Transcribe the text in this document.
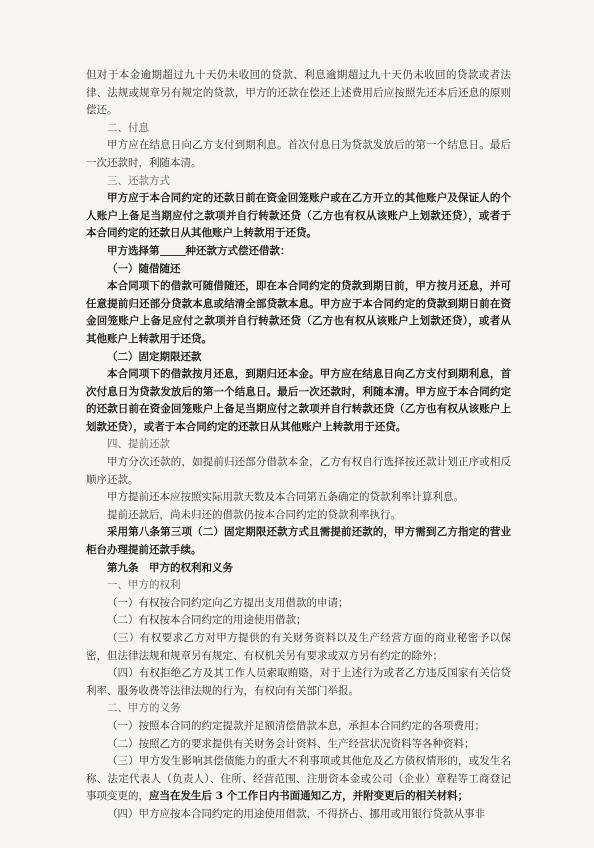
但对于本金逾期超过九十天仍未收回的贷款、利息逾期超过九十天仍未收回的贷款或者法律、法规或规章另有规定的贷款，甲方的还款在偿还上述费用后应按照先还本后还息的原则偿还。

二、付息

甲方应在结息日向乙方支付到期利息。首次付息日为贷款发放后的第一个结息日。最后一次还款时，利随本清。

三、还款方式

甲方应于本合同约定的还款日前在资金回笼账户或在乙方开立的其他账户及保证人的个人账户上备足当期应付之款项并自行转款还贷（乙方也有权从该账户上划款还贷），或者于本合同约定的还款日从其他账户上转款用于还贷。

甲方选择第 种还款方式偿还借款：

（一）随借随还

本合同项下的借款可随借随还，即在本合同约定的贷款到期日前，甲方按月还息，并可任意提前归还部分贷款本息或结清全部贷款本息。甲方应于本合同约定的贷款到期日前在资金回笼账户上备足应付之款项并自行转款还贷（乙方也有权从该账户上划款还贷），或者从其他账户上转款用于还贷。

（二）固定期限还款

本合同项下的借款按月还息，到期归还本金。甲方应在结息日向乙方支付到期利息，首次付息日为贷款发放后的第一个结息日。最后一次还款时，利随本清。甲方应于本合同约定的还款日前在资金回笼账户上备足当期应付之款项并自行转款还贷（乙方也有权从该账户上划款还贷），或者于本合同约定的还款日从其他账户上转款用于还贷。

四、提前还款

甲方分次还款的，如提前归还部分借款本金，乙方有权自行选择按还款计划正序或相反顺序还款。

甲方提前还本应按照实际用款天数及本合同第五条确定的贷款利率计算利息。

提前还款后，尚未归还的借款仍按本合同约定的贷款利率执行。

采用第八条第三项（二）固定期限还款方式且需提前还款的，甲方需到乙方指定的营业柜台办理提前还款手续。

第九条　甲方的权利和义务

一、甲方的权利

（一）有权按合同约定向乙方提出支用借款的申请；

（二）有权按本合同约定的用途使用借款；

（三）有权要求乙方对甲方提供的有关财务资料以及生产经营方面的商业秘密予以保密，但法律法规和规章另有规定、有权机关另有要求或双方另有约定的除外；

（四）有权拒绝乙方及其工作人员索取贿赂，对于上述行为或者乙方违反国家有关信贷利率、服务收费等法律法规的行为，有权向有关部门举报。

二、甲方的义务

（一）按照本合同的约定提款并足额清偿借款本息，承担本合同约定的各项费用；

（二）按照乙方的要求提供有关财务会计资料、生产经营状况资料等各种资料；

（三）甲方发生影响其偿债能力的重大不利事项或其他危及乙方债权情形的，或发生名称、法定代表人（负责人）、住所、经营范围、注册资本金或公司（企业）章程等工商登记事项变更的，应当在发生后 3 个工作日内书面通知乙方，并附变更后的相关材料；

（四）甲方应按本合同约定的用途使用借款，不得挤占、挪用或用银行贷款从事非
